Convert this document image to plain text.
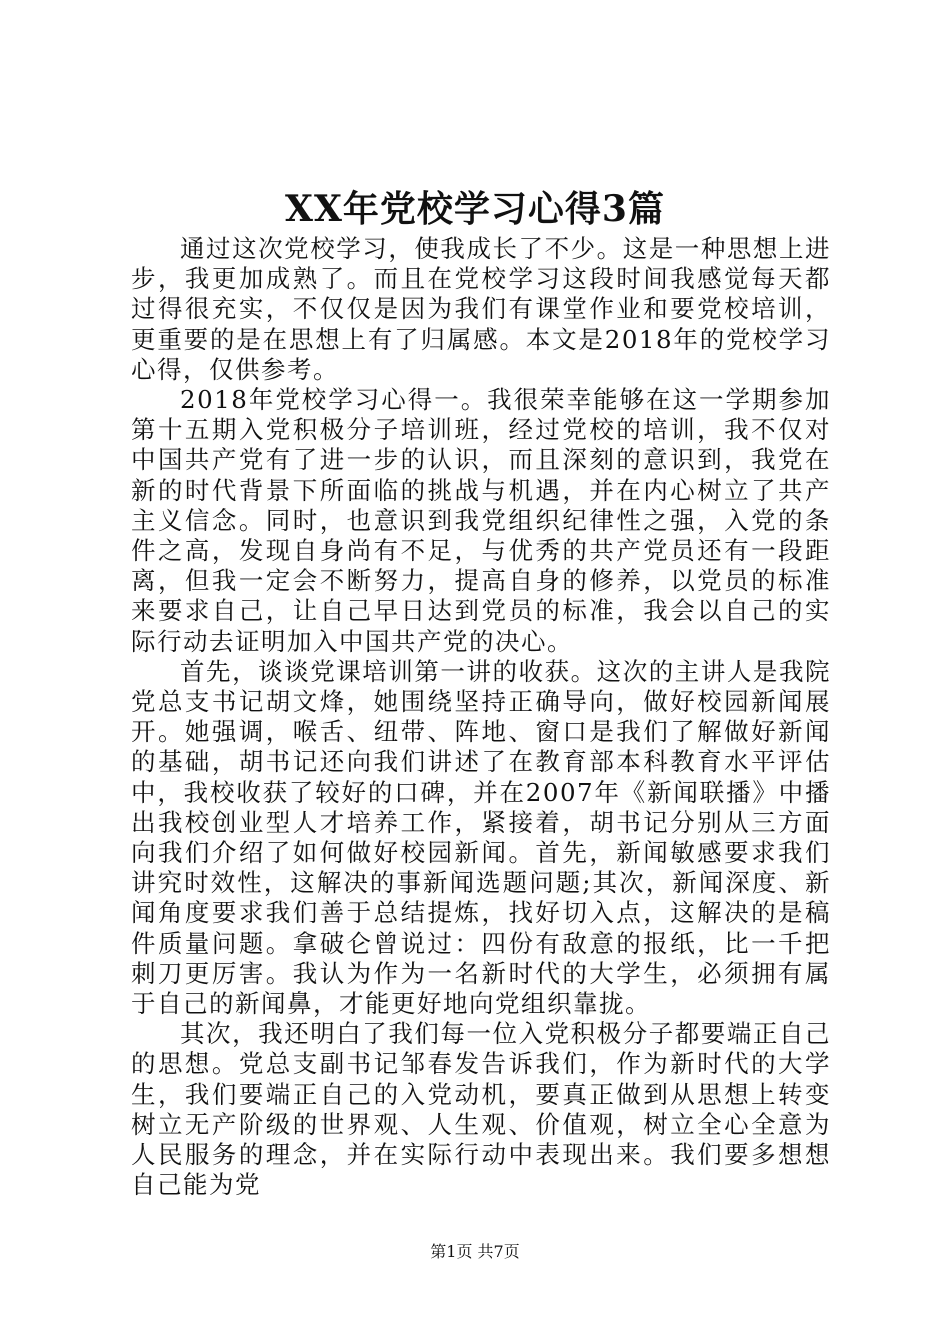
XX年党校学习心得3篇

通过这次党校学习，使我成长了不少。这是一种思想上进步，我更加成熟了。而且在党校学习这段时间我感觉每天都过得很充实，不仅仅是因为我们有课堂作业和要党校培训，更重要的是在思想上有了归属感。本文是2018年的党校学习心得，仅供参考。

2018年党校学习心得一。我很荣幸能够在这一学期参加第十五期入党积极分子培训班，经过党校的培训，我不仅对中国共产党有了进一步的认识，而且深刻的意识到，我党在新的时代背景下所面临的挑战与机遇，并在内心树立了共产主义信念。同时，也意识到我党组织纪律性之强，入党的条件之高，发现自身尚有不足，与优秀的共产党员还有一段距离，但我一定会不断努力，提高自身的修养，以党员的标准来要求自己，让自己早日达到党员的标准，我会以自己的实际行动去证明加入中国共产党的决心。

首先，谈谈党课培训第一讲的收获。这次的主讲人是我院党总支书记胡文烽，她围绕坚持正确导向，做好校园新闻展开。她强调，喉舌、纽带、阵地、窗口是我们了解做好新闻的基础，胡书记还向我们讲述了在教育部本科教育水平评估中，我校收获了较好的口碑，并在2007年《新闻联播》中播出我校创业型人才培养工作，紧接着，胡书记分别从三方面向我们介绍了如何做好校园新闻。首先，新闻敏感要求我们讲究时效性，这解决的事新闻选题问题;其次，新闻深度、新闻角度要求我们善于总结提炼，找好切入点，这解决的是稿件质量问题。拿破仑曾说过：四份有敌意的报纸，比一千把刺刀更厉害。我认为作为一名新时代的大学生，必须拥有属于自己的新闻鼻，才能更好地向党组织靠拢。

其次，我还明白了我们每一位入党积极分子都要端正自己的思想。党总支副书记邹春发告诉我们，作为新时代的大学生，我们要端正自己的入党动机，要真正做到从思想上转变树立无产阶级的世界观、人生观、价值观，树立全心全意为人民服务的理念，并在实际行动中表现出来。我们要多想想自己能为党

第1页 共7页
